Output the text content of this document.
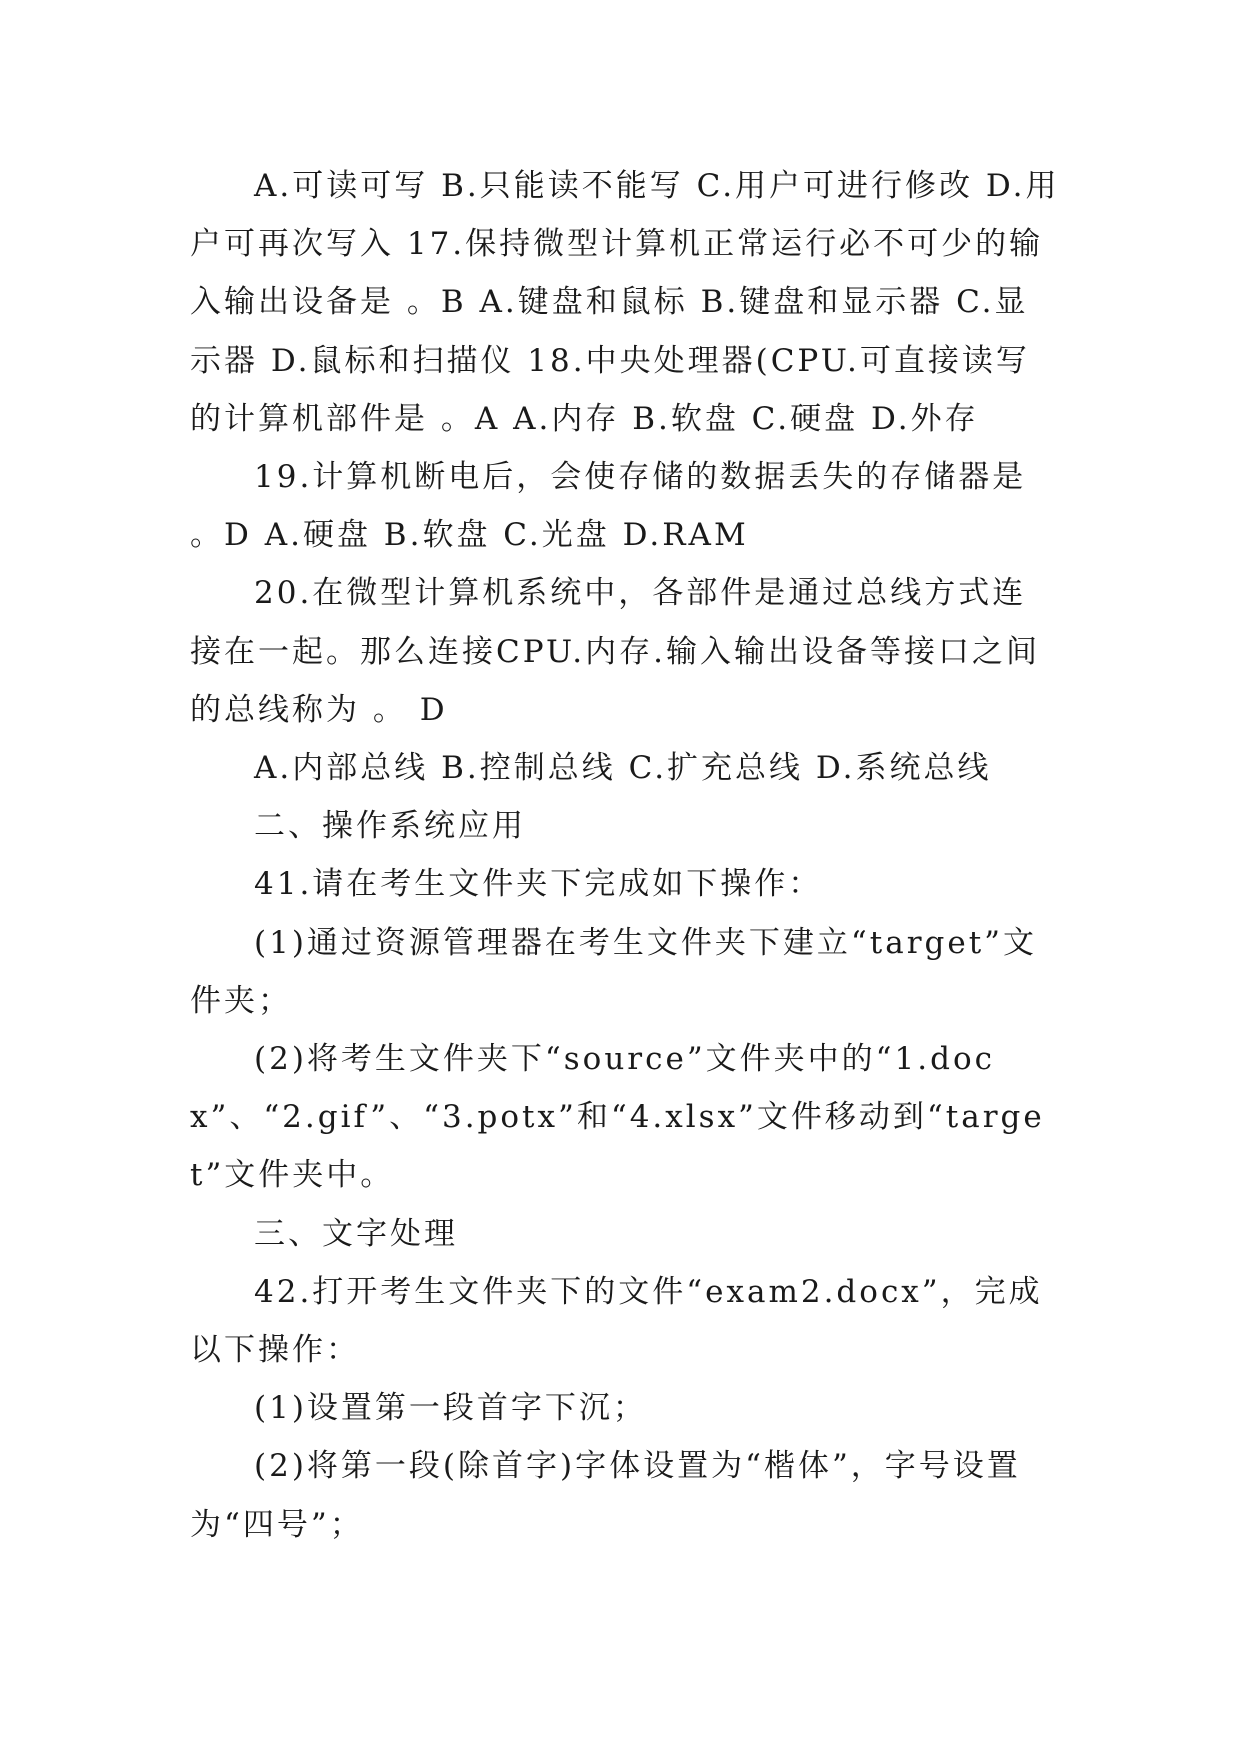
A.可读可写 B.只能读不能写 C.用户可进行修改 D.用户可再次写入 17.保持微型计算机正常运行必不可少的输入输出设备是 。B A.键盘和鼠标 B.键盘和显示器 C.显示器 D.鼠标和扫描仪 18.中央处理器(CPU.可直接读写的计算机部件是 。A A.内存 B.软盘 C.硬盘 D.外存

19.计算机断电后，会使存储的数据丢失的存储器是 。D A.硬盘 B.软盘 C.光盘 D.RAM

20.在微型计算机系统中，各部件是通过总线方式连接在一起。那么连接CPU.内存.输入输出设备等接口之间的总线称为 。 D

A.内部总线 B.控制总线 C.扩充总线 D.系统总线

二、操作系统应用

41.请在考生文件夹下完成如下操作：

(1)通过资源管理器在考生文件夹下建立“target”文件夹；

(2)将考生文件夹下“source”文件夹中的“1.docx”、“2.gif”、“3.potx”和“4.xlsx”文件移动到“target”文件夹中。

三、文字处理

42.打开考生文件夹下的文件“exam2.docx”，完成以下操作：

(1)设置第一段首字下沉；

(2)将第一段(除首字)字体设置为“楷体”，字号设置为“四号”；
